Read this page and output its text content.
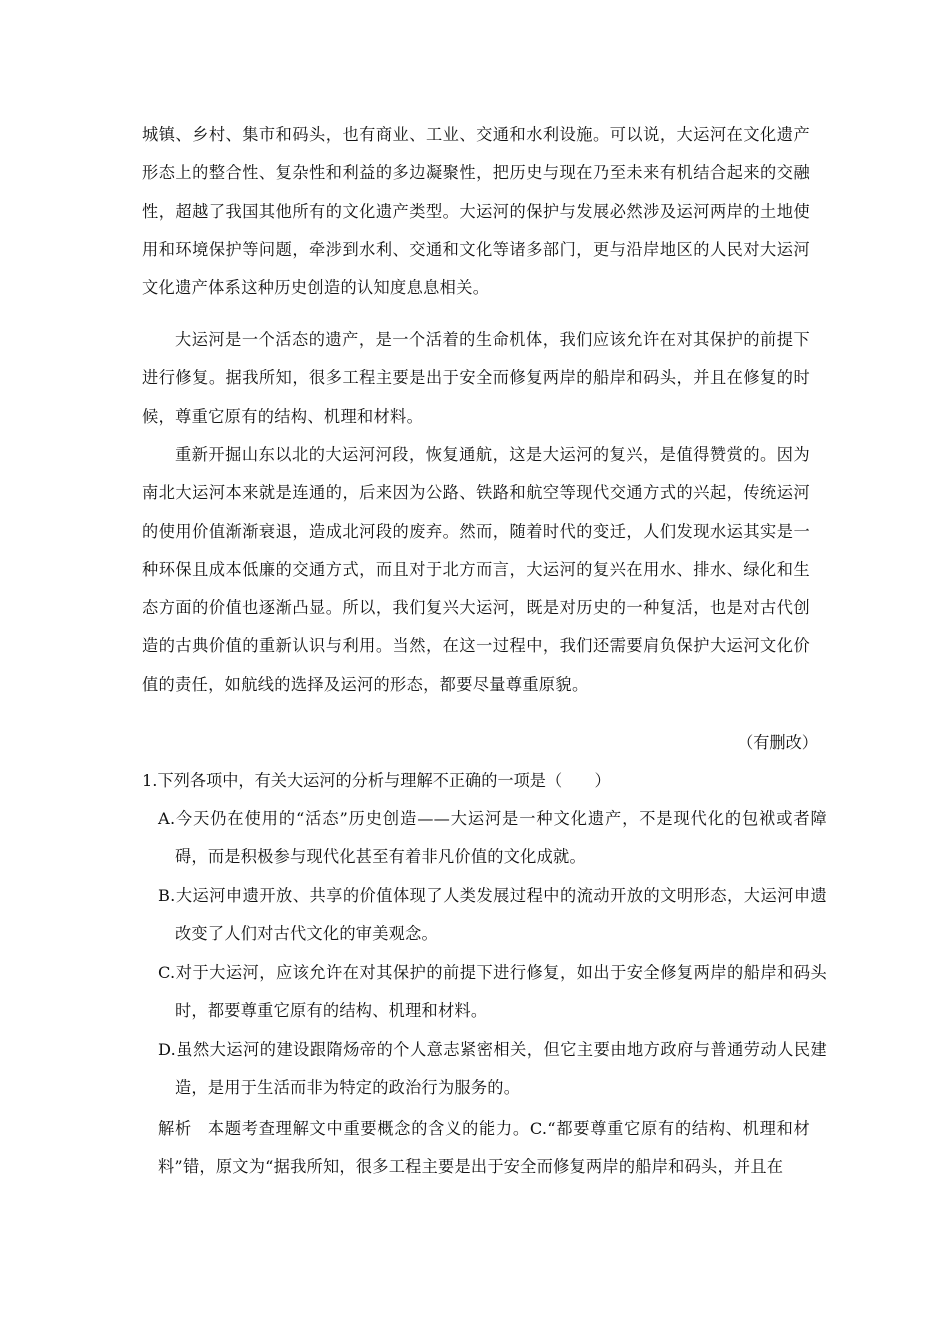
城镇、乡村、集市和码头，也有商业、工业、交通和水利设施。可以说，大运河在文化遗产形态上的整合性、复杂性和利益的多边凝聚性，把历史与现在乃至未来有机结合起来的交融性，超越了我国其他所有的文化遗产类型。大运河的保护与发展必然涉及运河两岸的土地使用和环境保护等问题，牵涉到水利、交通和文化等诸多部门，更与沿岸地区的人民对大运河文化遗产体系这种历史创造的认知度息息相关。

大运河是一个活态的遗产，是一个活着的生命机体，我们应该允许在对其保护的前提下进行修复。据我所知，很多工程主要是出于安全而修复两岸的船岸和码头，并且在修复的时候，尊重它原有的结构、机理和材料。

重新开掘山东以北的大运河河段，恢复通航，这是大运河的复兴，是值得赞赏的。因为南北大运河本来就是连通的，后来因为公路、铁路和航空等现代交通方式的兴起，传统运河的使用价值渐渐衰退，造成北河段的废弃。然而，随着时代的变迁，人们发现水运其实是一种环保且成本低廉的交通方式，而且对于北方而言，大运河的复兴在用水、排水、绿化和生态方面的价值也逐渐凸显。所以，我们复兴大运河，既是对历史的一种复活，也是对古代创造的古典价值的重新认识与利用。当然，在这一过程中，我们还需要肩负保护大运河文化价值的责任，如航线的选择及运河的形态，都要尽量尊重原貌。

（有删改）

1.下列各项中，有关大运河的分析与理解不正确的一项是（　　）

A.今天仍在使用的“活态”历史创造——大运河是一种文化遗产，不是现代化的包袱或者障碍，而是积极参与现代化甚至有着非凡价值的文化成就。

B.大运河申遗开放、共享的价值体现了人类发展过程中的流动开放的文明形态，大运河申遗改变了人们对古代文化的审美观念。

C.对于大运河，应该允许在对其保护的前提下进行修复，如出于安全修复两岸的船岸和码头时，都要尊重它原有的结构、机理和材料。

D.虽然大运河的建设跟隋炀帝的个人意志紧密相关，但它主要由地方政府与普通劳动人民建造，是用于生活而非为特定的政治行为服务的。

解析 本题考查理解文中重要概念的含义的能力。C.“都要尊重它原有的结构、机理和材料”错，原文为“据我所知，很多工程主要是出于安全而修复两岸的船岸和码头，并且在
